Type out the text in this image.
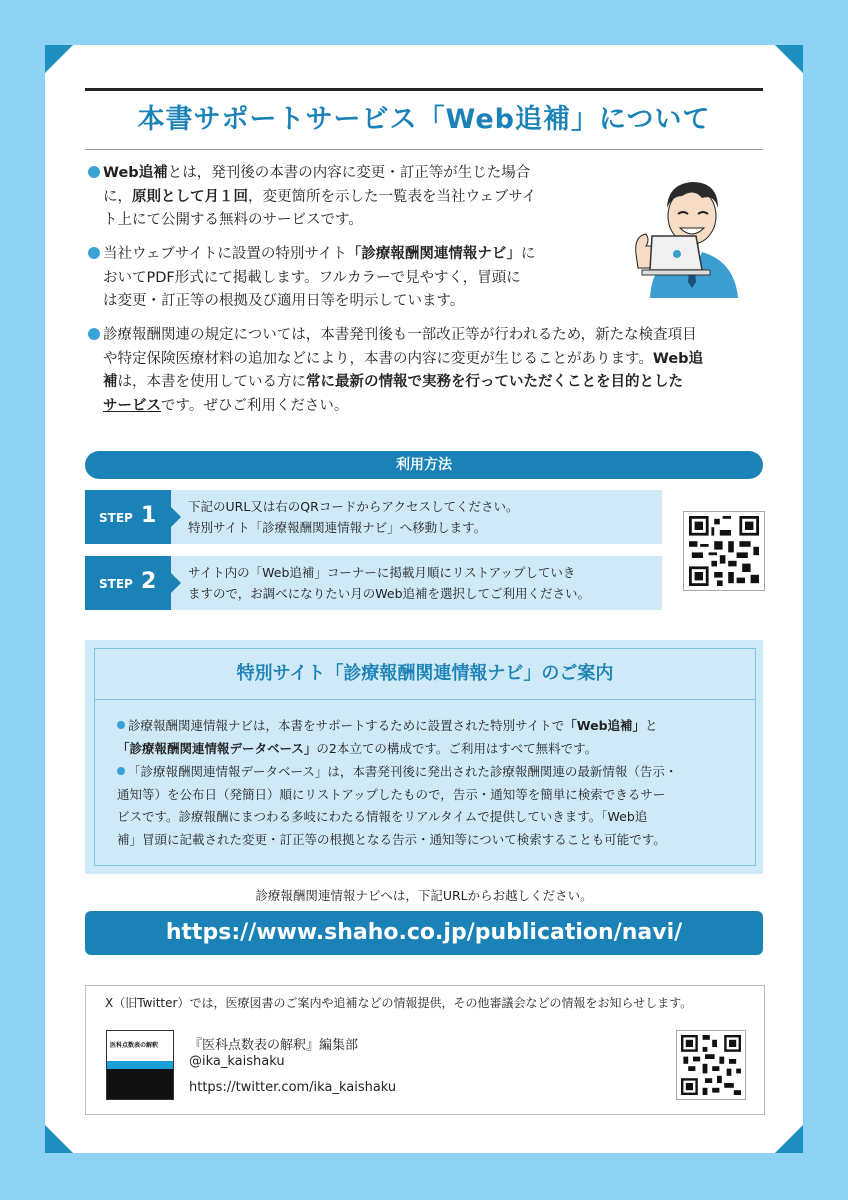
本書サポートサービス「Web追補」について
Web追補とは，発刊後の本書の内容に変更・訂正等が生じた場合
に，原則として月１回，変更箇所を示した一覧表を当社ウェブサイ
ト上にて公開する無料のサービスです。
当社ウェブサイトに設置の特別サイト「診療報酬関連情報ナビ」に
おいてPDF形式にて掲載します。フルカラーで見やすく，冒頭に
は変更・訂正等の根拠及び適用日等を明示しています。
診療報酬関連の規定については，本書発刊後も一部改正等が行われるため，新たな検査項目
や特定保険医療材料の追加などにより，本書の内容に変更が生じることがあります。Web追
補は，本書を使用している方に常に最新の情報で実務を行っていただくことを目的とした
サービスです。ぜひご利用ください。
利用方法
STEP 1	下記のURL又は右のQRコードからアクセスしてください。
特別サイト「診療報酬関連情報ナビ」へ移動します。
STEP 2	サイト内の「Web追補」コーナーに掲載月順にリストアップしていき
ますので，お調べになりたい月のWeb追補を選択してご利用ください。
特別サイト「診療報酬関連情報ナビ」のご案内
診療報酬関連情報ナビは，本書をサポートするために設置された特別サイトで「Web追補」と
「診療報酬関連情報データベース」の2本立ての構成です。ご利用はすべて無料です。
「診療報酬関連情報データベース」は，本書発刊後に発出された診療報酬関連の最新情報（告示・
通知等）を公布日（発簡日）順にリストアップしたもので，告示・通知等を簡単に検索できるサー
ビスです。診療報酬にまつわる多岐にわたる情報をリアルタイムで提供していきます。「Web追
補」冒頭に記載された変更・訂正等の根拠となる告示・通知等について検索することも可能です。
診療報酬関連情報ナビへは，下記URLからお越しください。
https://www.shaho.co.jp/publication/navi/
X（旧Twitter）では，医療図書のご案内や追補などの情報提供，その他審議会などの情報をお知らせします。
医科点数表の解釈 『医科点数表の解釈』編集部
@ika_kaishaku
https://twitter.com/ika_kaishaku
